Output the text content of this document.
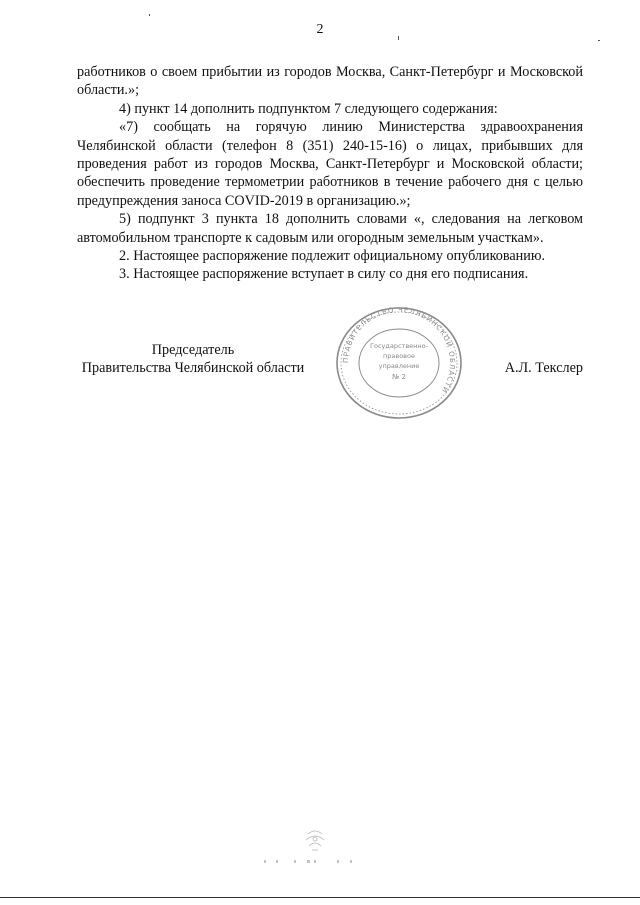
2

работников о своем прибытии из городов Москва, Санкт-Петербург и Московской области.»;

4) пункт 14 дополнить подпунктом 7 следующего содержания:

«7) сообщать на горячую линию Министерства здравоохранения Челябинской области (телефон 8 (351) 240-15-16) о лицах, прибывших для проведения работ из городов Москва, Санкт-Петербург и Московской области; обеспечить проведение термометрии работников в течение рабочего дня с целью предупреждения заноса COVID-2019 в организацию.»;

5) подпункт 3 пункта 18 дополнить словами «, следования на легковом автомобильном транспорте к садовым или огородным земельным участкам».

2. Настоящее распоряжение подлежит официальному опубликованию.

3. Настоящее распоряжение вступает в силу со дня его подписания.

Председатель
Правительства Челябинской области
ПРАВИТЕЛЬСТВО ЧЕЛЯБИНСКОЙ ОБЛАСТИ
Государственно-
правовое
управление
№ 2
А.Л. Текслер
